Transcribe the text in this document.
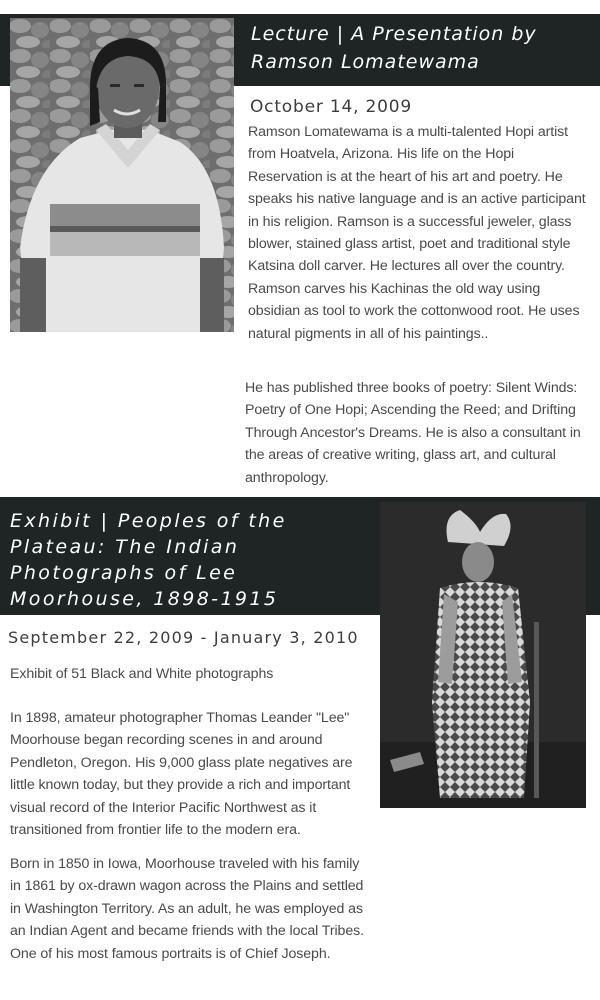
Lecture | A Presentation by Ramson Lomatewama
October 14, 2009

Ramson Lomatewama is a multi-talented Hopi artist from Hoatvela, Arizona. His life on the Hopi Reservation is at the heart of his art and poetry. He speaks his native language and is an active participant in his religion. Ramson is a successful jeweler, glass blower, stained glass artist, poet and traditional style Katsina doll carver. He lectures all over the country. Ramson carves his Kachinas the old way using obsidian as tool to work the cottonwood root. He uses natural pigments in all of his paintings..

He has published three books of poetry: Silent Winds: Poetry of One Hopi; Ascending the Reed; and Drifting Through Ancestor's Dreams. He is also a consultant in the areas of creative writing, glass art, and cultural anthropology.

Exhibit | Peoples of the Plateau: The Indian Photographs of Lee Moorhouse, 1898-1915
September 22, 2009 - January 3, 2010

Exhibit of 51 Black and White photographs

In 1898, amateur photographer Thomas Leander "Lee" Moorhouse began recording scenes in and around Pendleton, Oregon. His 9,000 glass plate negatives are little known today, but they provide a rich and important visual record of the Interior Pacific Northwest as it transitioned from frontier life to the modern era.

Born in 1850 in Iowa, Moorhouse traveled with his family in 1861 by ox-drawn wagon across the Plains and settled in Washington Territory. As an adult, he was employed as an Indian Agent and became friends with the local Tribes. One of his most famous portraits is of Chief Joseph.
